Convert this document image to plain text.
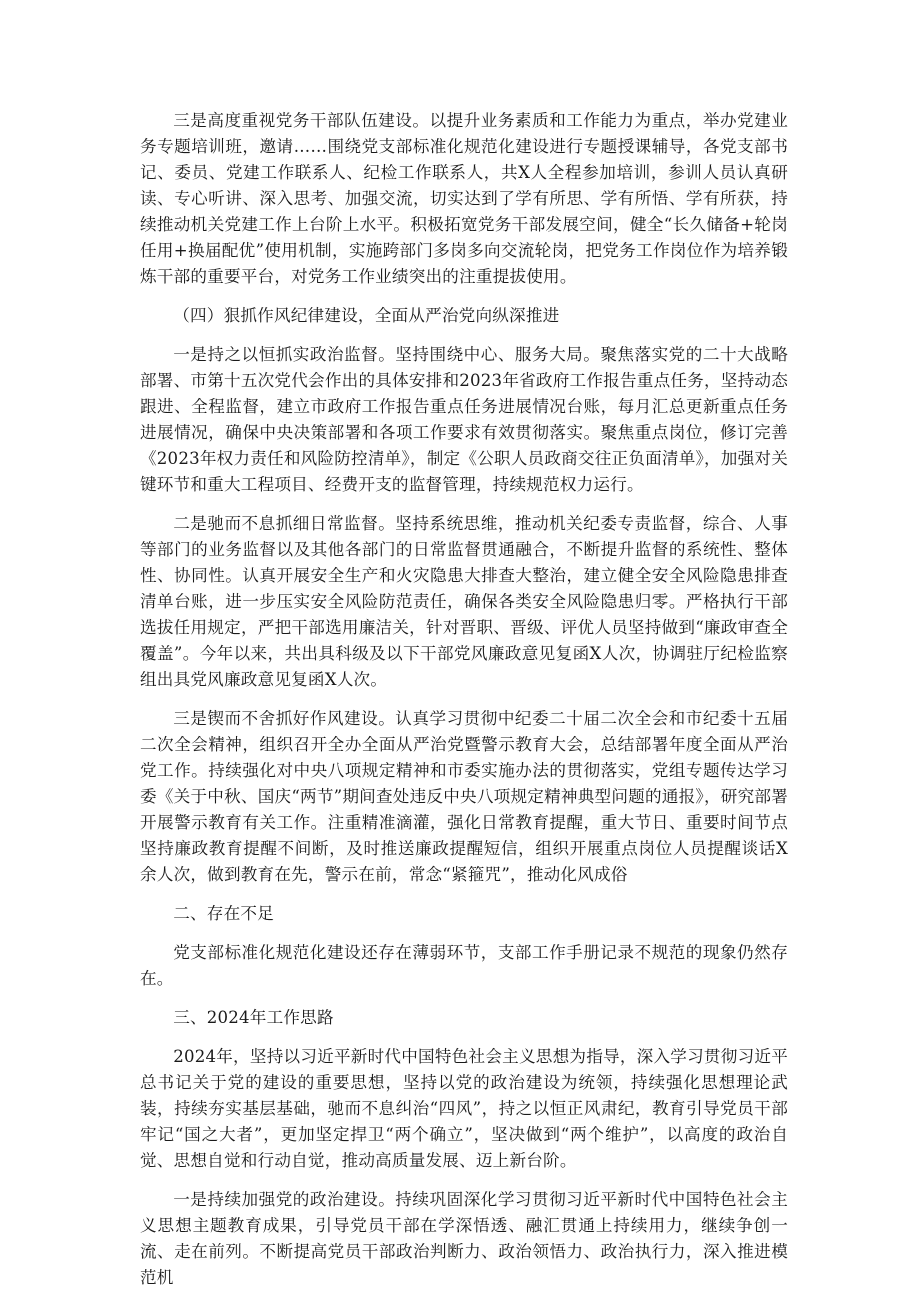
三是高度重视党务干部队伍建设。以提升业务素质和工作能力为重点，举办党建业务专题培训班，邀请……围绕党支部标准化规范化建设进行专题授课辅导，各党支部书记、委员、党建工作联系人、纪检工作联系人，共X人全程参加培训，参训人员认真研读、专心听讲、深入思考、加强交流，切实达到了学有所思、学有所悟、学有所获，持续推动机关党建工作上台阶上水平。积极拓宽党务干部发展空间，健全“长久储备+轮岗任用+换届配优”使用机制，实施跨部门多岗多向交流轮岗，把党务工作岗位作为培养锻炼干部的重要平台，对党务工作业绩突出的注重提拔使用。

（四）狠抓作风纪律建设，全面从严治党向纵深推进

一是持之以恒抓实政治监督。坚持围绕中心、服务大局。聚焦落实党的二十大战略部署、市第十五次党代会作出的具体安排和2023年省政府工作报告重点任务，坚持动态跟进、全程监督，建立市政府工作报告重点任务进展情况台账，每月汇总更新重点任务进展情况，确保中央决策部署和各项工作要求有效贯彻落实。聚焦重点岗位，修订完善《2023年权力责任和风险防控清单》，制定《公职人员政商交往正负面清单》，加强对关键环节和重大工程项目、经费开支的监督管理，持续规范权力运行。

二是驰而不息抓细日常监督。坚持系统思维，推动机关纪委专责监督，综合、人事等部门的业务监督以及其他各部门的日常监督贯通融合，不断提升监督的系统性、整体性、协同性。认真开展安全生产和火灾隐患大排查大整治，建立健全安全风险隐患排查清单台账，进一步压实安全风险防范责任，确保各类安全风险隐患归零。严格执行干部选拔任用规定，严把干部选用廉洁关，针对晋职、晋级、评优人员坚持做到“廉政审查全覆盖”。今年以来，共出具科级及以下干部党风廉政意见复函X人次，协调驻厅纪检监察组出具党风廉政意见复函X人次。

三是锲而不舍抓好作风建设。认真学习贯彻中纪委二十届二次全会和市纪委十五届二次全会精神，组织召开全办全面从严治党暨警示教育大会，总结部署年度全面从严治党工作。持续强化对中央八项规定精神和市委实施办法的贯彻落实，党组专题传达学习委《关于中秋、国庆“两节”期间查处违反中央八项规定精神典型问题的通报》，研究部署开展警示教育有关工作。注重精准滴灌，强化日常教育提醒，重大节日、重要时间节点坚持廉政教育提醒不间断，及时推送廉政提醒短信，组织开展重点岗位人员提醒谈话X余人次，做到教育在先，警示在前，常念“紧箍咒”，推动化风成俗

二、存在不足

党支部标准化规范化建设还存在薄弱环节，支部工作手册记录不规范的现象仍然存在。

三、2024年工作思路

2024年，坚持以习近平新时代中国特色社会主义思想为指导，深入学习贯彻习近平总书记关于党的建设的重要思想，坚持以党的政治建设为统领，持续强化思想理论武装，持续夯实基层基础，驰而不息纠治“四风”，持之以恒正风肃纪，教育引导党员干部牢记“国之大者”，更加坚定捍卫“两个确立”，坚决做到“两个维护”，以高度的政治自觉、思想自觉和行动自觉，推动高质量发展、迈上新台阶。

一是持续加强党的政治建设。持续巩固深化学习贯彻习近平新时代中国特色社会主义思想主题教育成果，引导党员干部在学深悟透、融汇贯通上持续用力，继续争创一流、走在前列。不断提高党员干部政治判断力、政治领悟力、政治执行力，深入推进模范机
